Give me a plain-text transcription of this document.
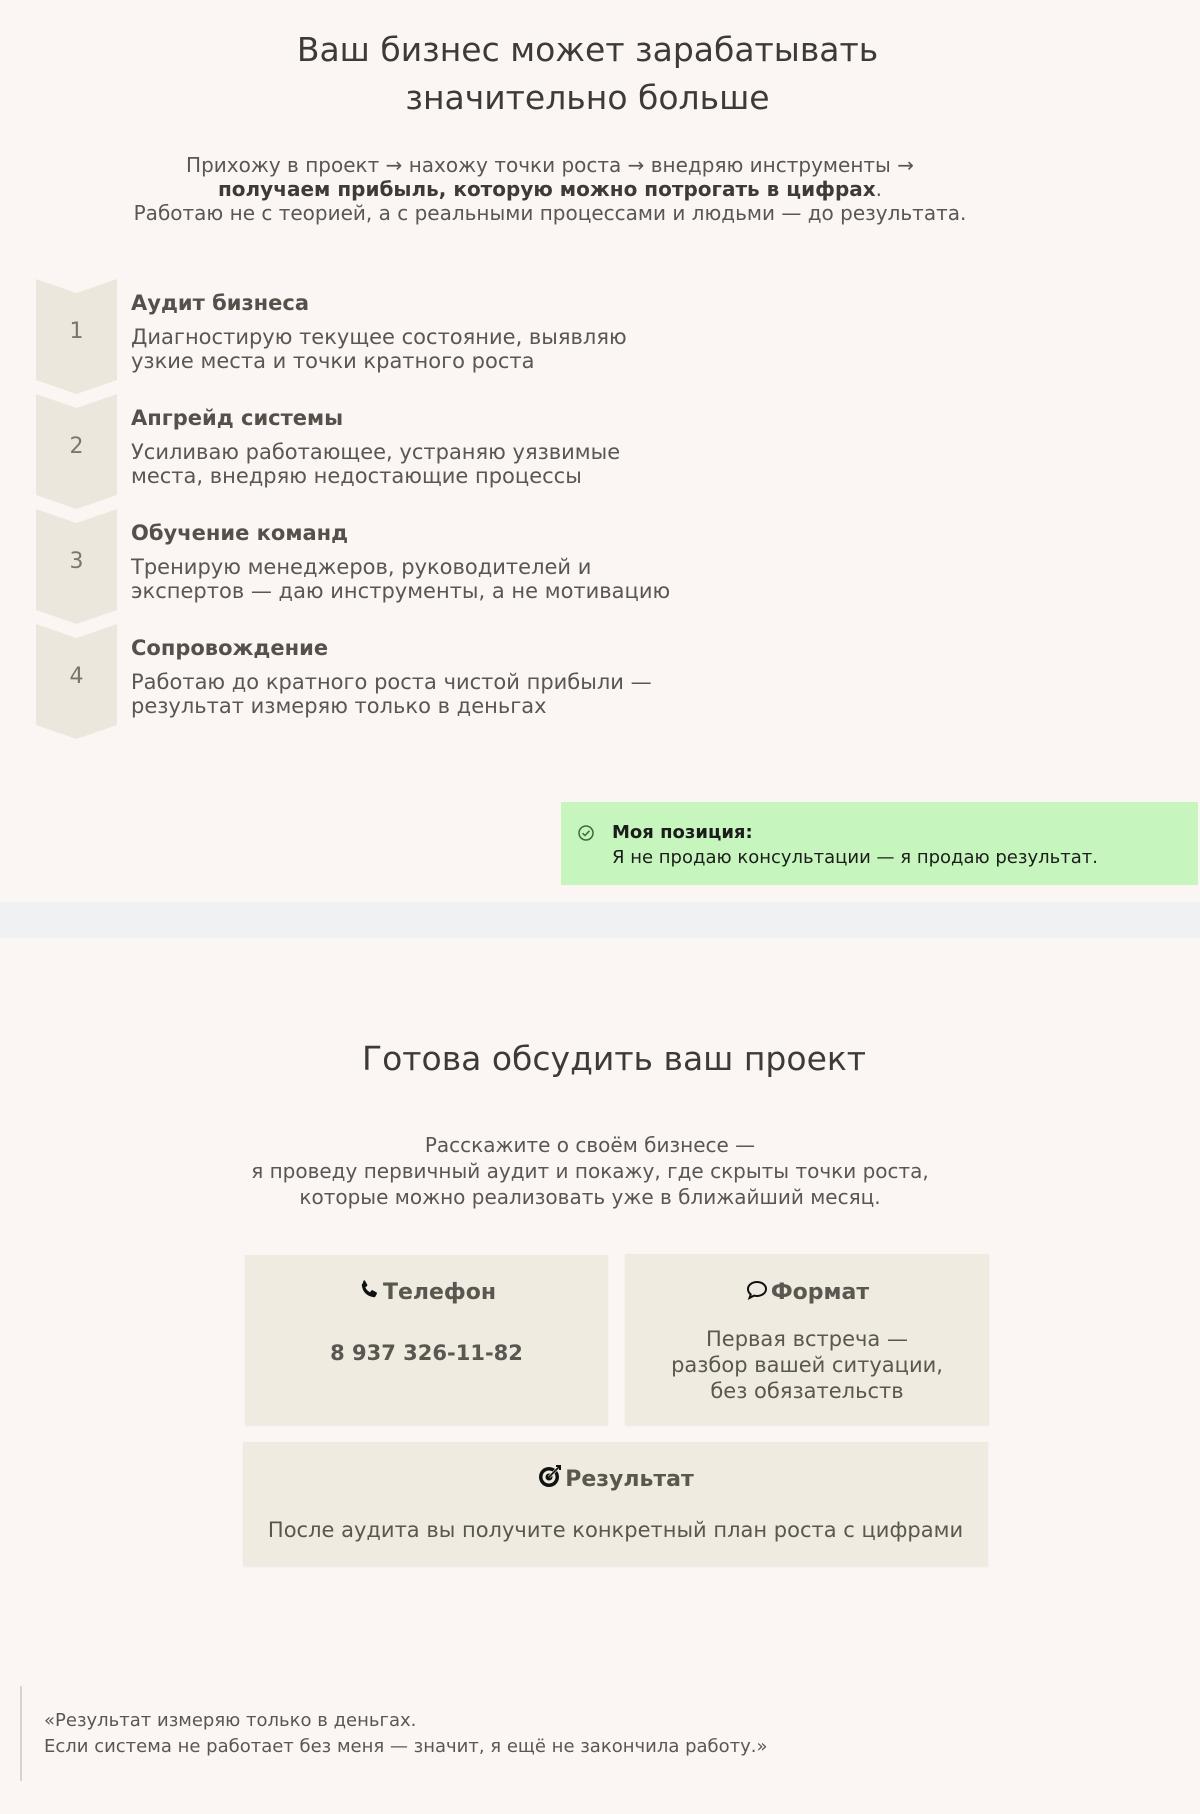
Ваш бизнес может зарабатывать
значительно больше
Прихожу в проект → нахожу точки роста → внедряю инструменты →
получаем прибыль, которую можно потрогать в цифрах.
Работаю не с теорией, а с реальными процессами и людьми — до результата.
1
Аудит бизнеса
Диагностирую текущее состояние, выявляю
узкие места и точки кратного роста
2
Апгрейд системы
Усиливаю работающее, устраняю уязвимые
места, внедряю недостающие процессы
3
Обучение команд
Тренирую менеджеров, руководителей и
экспертов — даю инструменты, а не мотивацию
4
Сопровождение
Работаю до кратного роста чистой прибыли —
результат измеряю только в деньгах
Моя позиция:
Я не продаю консультации — я продаю результат.
Готова обсудить ваш проект
Расскажите о своём бизнесе —
я проведу первичный аудит и покажу, где скрыты точки роста,
которые можно реализовать уже в ближайший месяц.
Телефон
8 937 326-11-82
Формат
Первая встреча —
разбор вашей ситуации,
без обязательств
Результат
После аудита вы получите конкретный план роста с цифрами
«Результат измеряю только в деньгах.
Если система не работает без меня — значит, я ещё не закончила работу.»
